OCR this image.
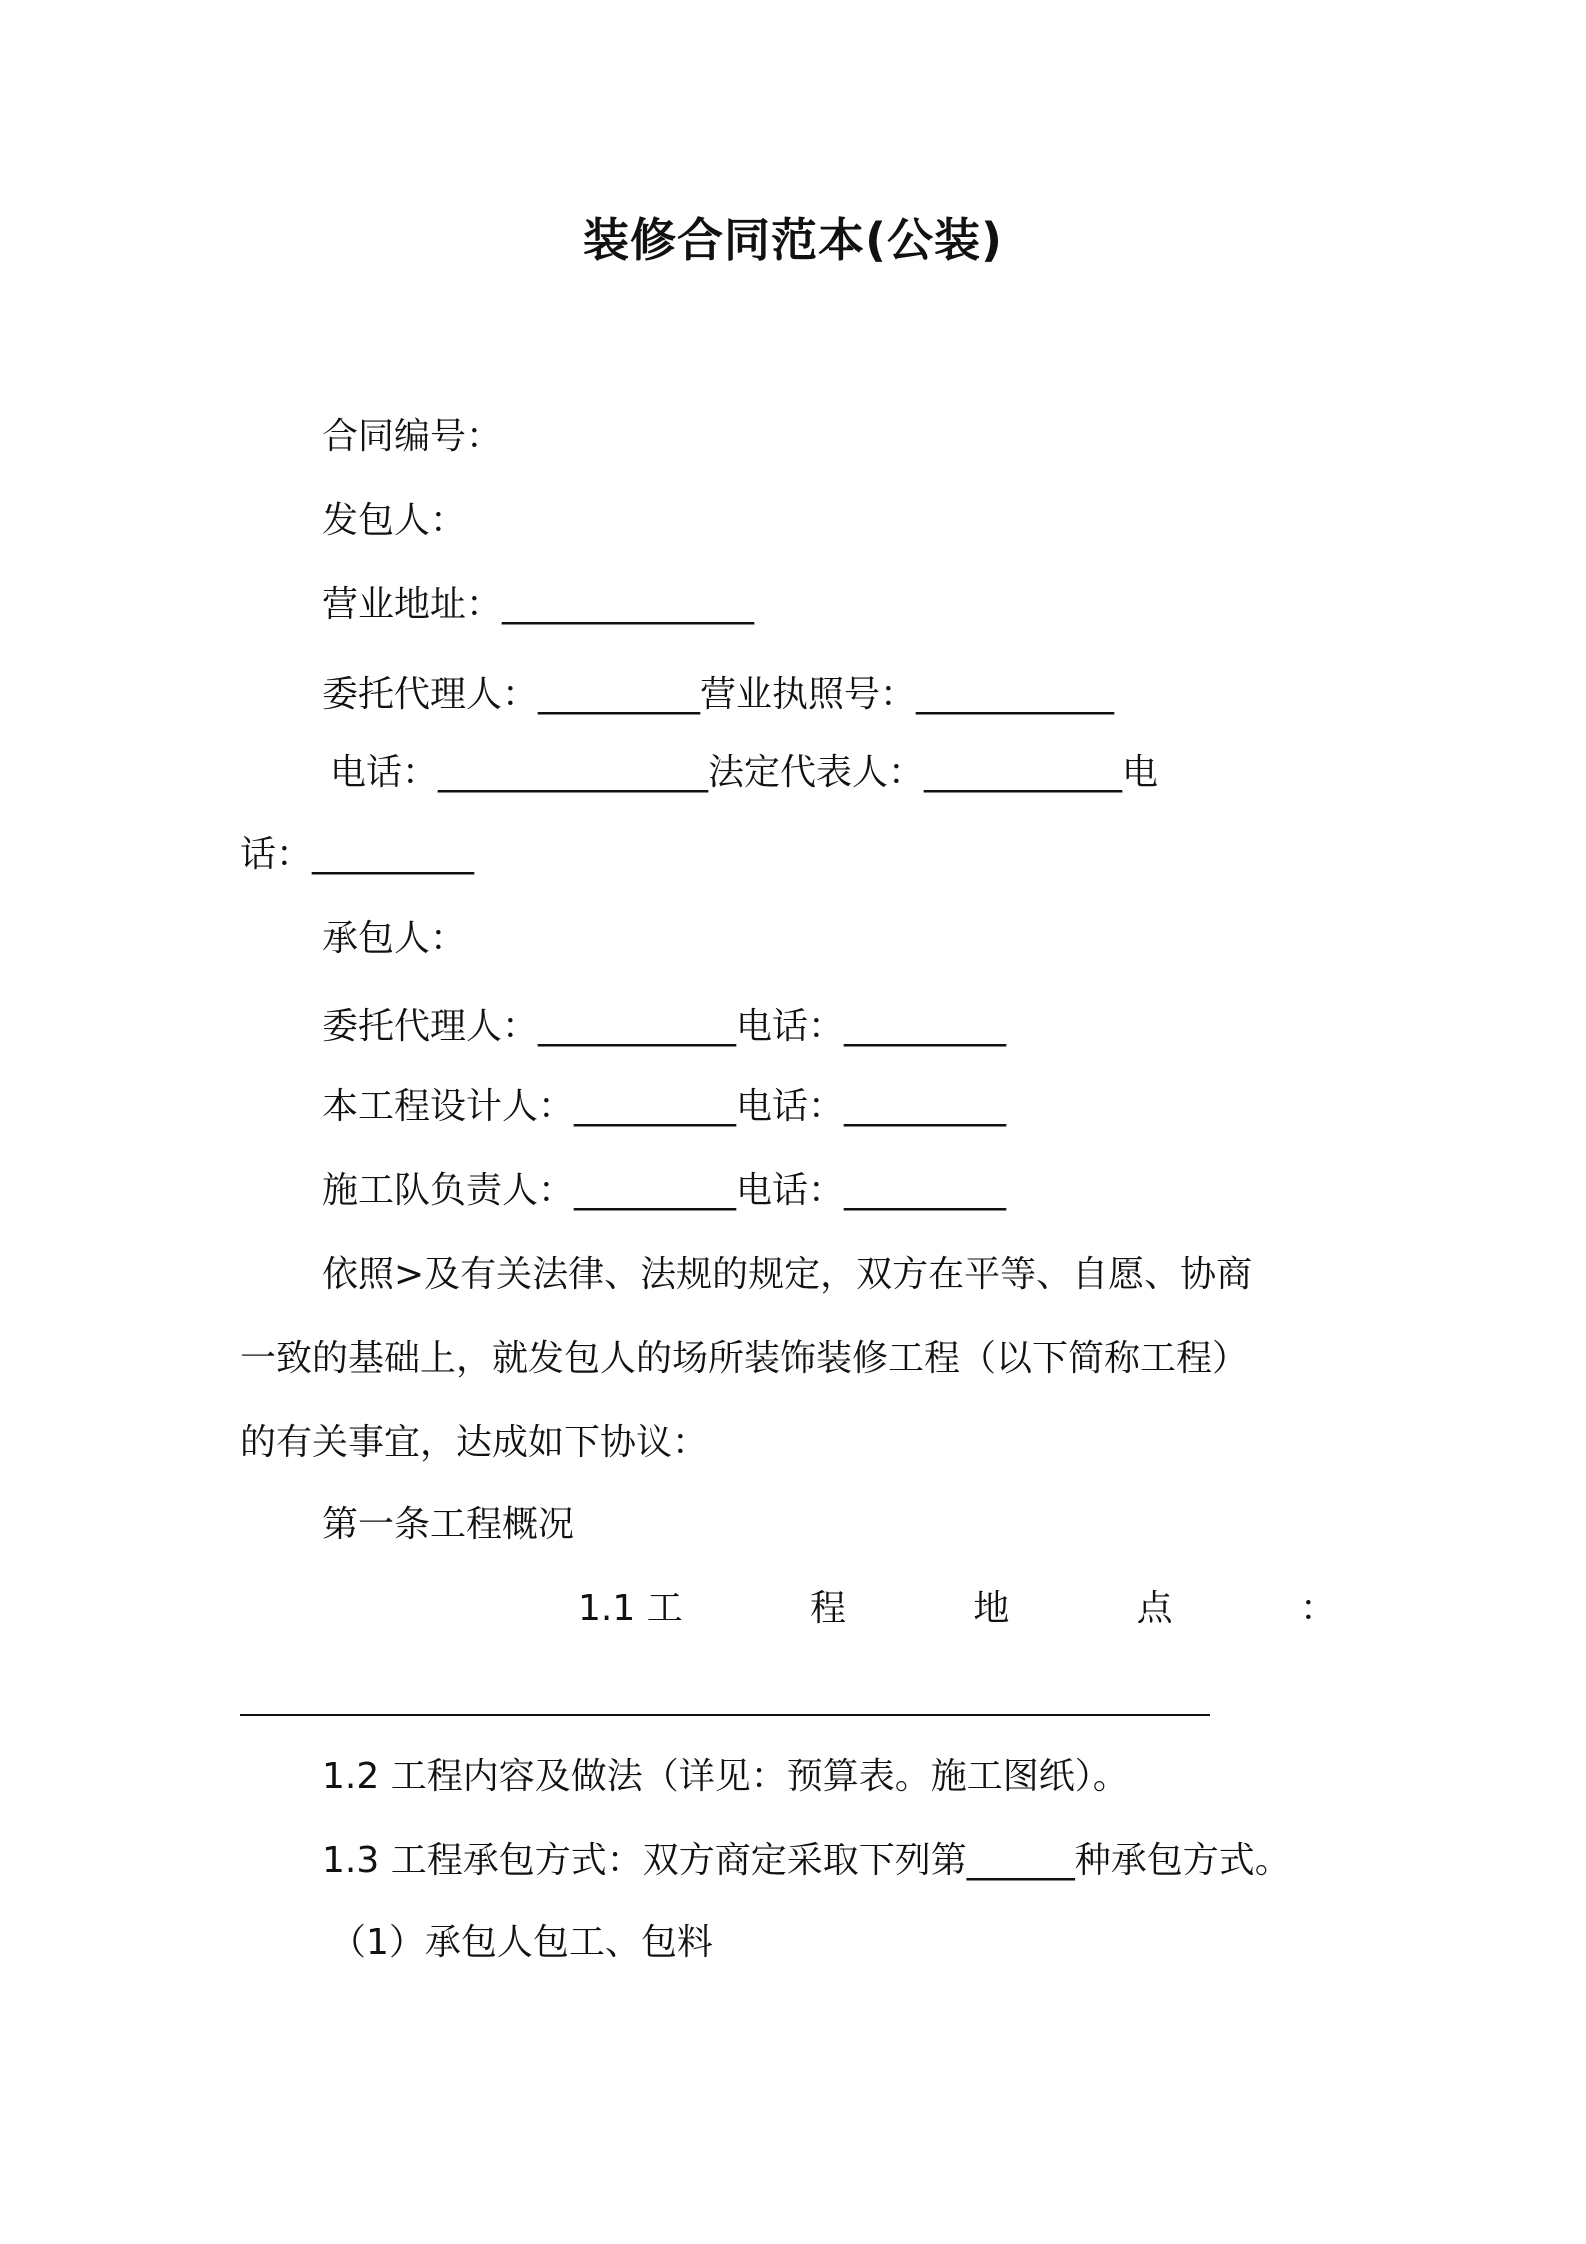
装修合同范本(公装)
合同编号：
发包人：
营业地址：______________
委托代理人：_________营业执照号：___________
电话：_______________法定代表人：___________电
话：_________
承包人：
委托代理人：___________电话：_________
本工程设计人：_________电话：_________
施工队负责人：_________电话：_________
依照>及有关法律、法规的规定，双方在平等、自愿、协商
一致的基础上，就发包人的场所装饰装修工程（以下简称工程）
的有关事宜，达成如下协议：
第一条工程概况
1.1 工	程	地	点	：
1.2 工程内容及做法（详见：预算表。施工图纸）。
1.3 工程承包方式：双方商定采取下列第______种承包方式。
（1）承包人包工、包料
